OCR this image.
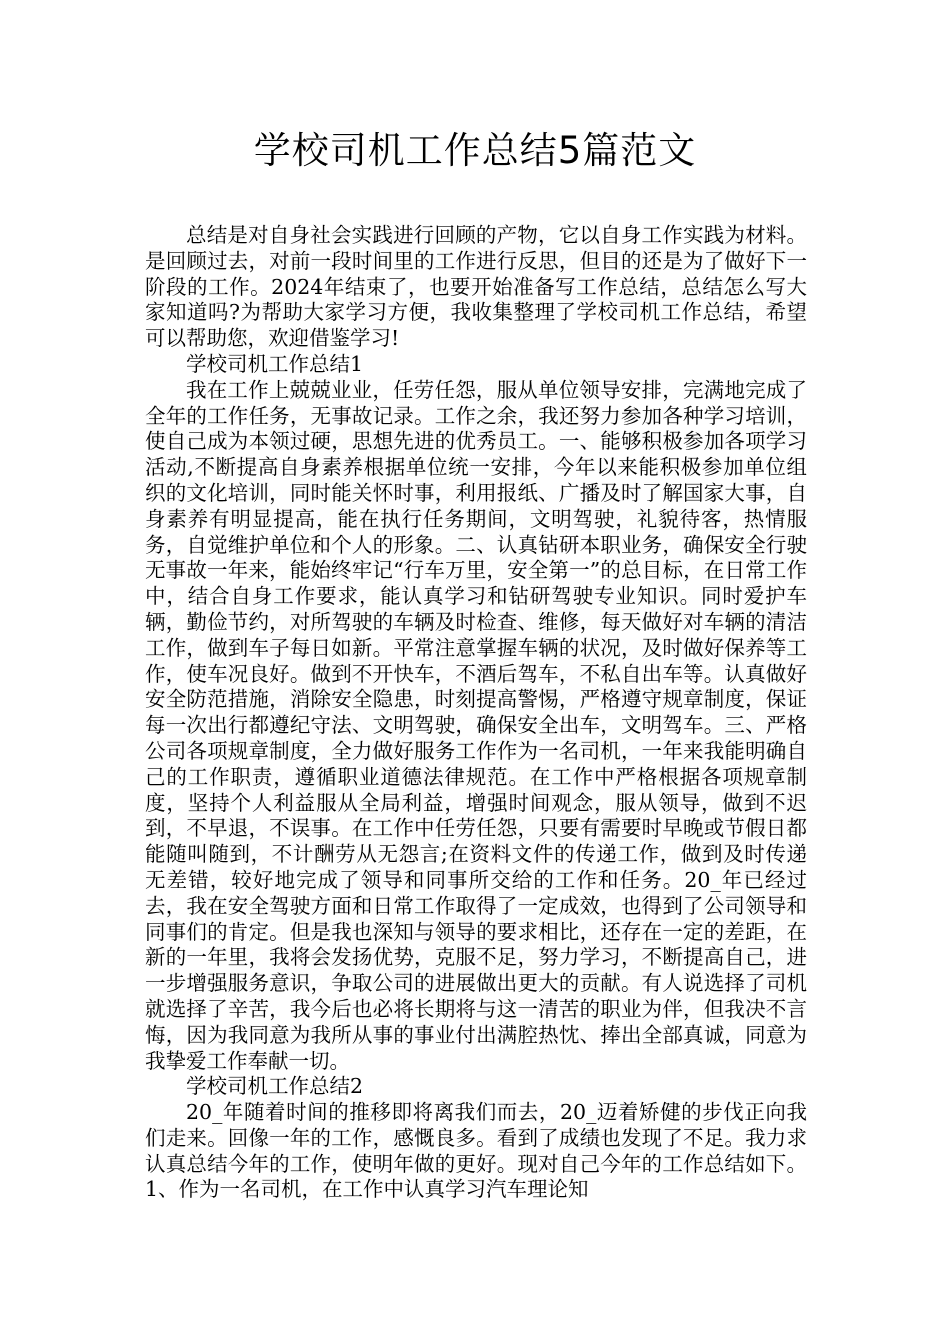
学校司机工作总结5篇范文

总结是对自身社会实践进行回顾的产物，它以自身工作实践为材料。是回顾过去，对前一段时间里的工作进行反思，但目的还是为了做好下一阶段的工作。2024年结束了，也要开始准备写工作总结，总结怎么写大家知道吗?为帮助大家学习方便，我收集整理了学校司机工作总结，希望可以帮助您，欢迎借鉴学习!

学校司机工作总结1

我在工作上兢兢业业，任劳任怨，服从单位领导安排，完满地完成了全年的工作任务，无事故记录。工作之余，我还努力参加各种学习培训，使自己成为本领过硬，思想先进的优秀员工。一、能够积极参加各项学习活动,不断提高自身素养根据单位统一安排，今年以来能积极参加单位组织的文化培训，同时能关怀时事，利用报纸、广播及时了解国家大事，自身素养有明显提高，能在执行任务期间，文明驾驶，礼貌待客，热情服务，自觉维护单位和个人的形象。二、认真钻研本职业务，确保安全行驶无事故一年来，能始终牢记“行车万里，安全第一”的总目标，在日常工作中，结合自身工作要求，能认真学习和钻研驾驶专业知识。同时爱护车辆，勤俭节约，对所驾驶的车辆及时检查、维修，每天做好对车辆的清洁工作，做到车子每日如新。平常注意掌握车辆的状况，及时做好保养等工作，使车况良好。做到不开快车，不酒后驾车，不私自出车等。认真做好安全防范措施，消除安全隐患，时刻提高警惕，严格遵守规章制度，保证每一次出行都遵纪守法、文明驾驶，确保安全出车，文明驾车。三、严格公司各项规章制度，全力做好服务工作作为一名司机，一年来我能明确自己的工作职责，遵循职业道德法律规范。在工作中严格根据各项规章制度，坚持个人利益服从全局利益，增强时间观念，服从领导，做到不迟到，不早退，不误事。在工作中任劳任怨，只要有需要时早晚或节假日都能随叫随到，不计酬劳从无怨言;在资料文件的传递工作，做到及时传递无差错，较好地完成了领导和同事所交给的工作和任务。20_年已经过去，我在安全驾驶方面和日常工作取得了一定成效，也得到了公司领导和同事们的肯定。但是我也深知与领导的要求相比，还存在一定的差距，在新的一年里，我将会发扬优势，克服不足，努力学习，不断提高自己，进一步增强服务意识，争取公司的进展做出更大的贡献。有人说选择了司机就选择了辛苦，我今后也必将长期将与这一清苦的职业为伴，但我决不言悔，因为我同意为我所从事的事业付出满腔热忱、捧出全部真诚，同意为我挚爱工作奉献一切。

学校司机工作总结2

20_年随着时间的推移即将离我们而去，20_迈着矫健的步伐正向我们走来。回像一年的工作，感慨良多。看到了成绩也发现了不足。我力求认真总结今年的工作，使明年做的更好。现对自己今年的工作总结如下。1、作为一名司机，在工作中认真学习汽车理论知
